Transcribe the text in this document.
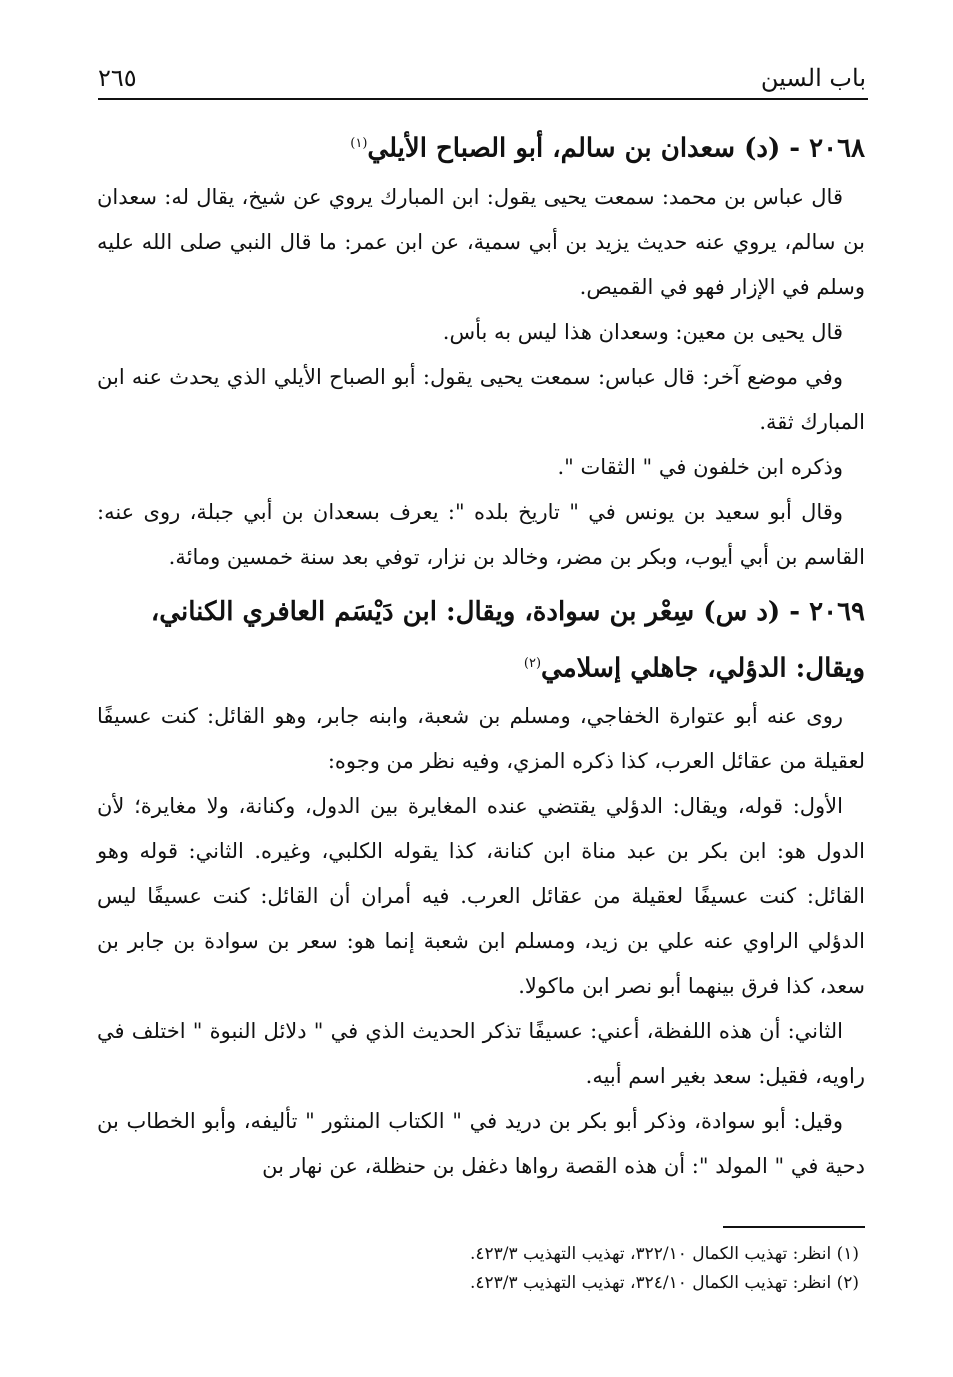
باب السين
٢٦٥
٢٠٦٨ - (د) سعدان بن سالم، أبو الصباح الأيلي$^{(١)}$

قال عباس بن محمد: سمعت يحيى يقول: ابن المبارك يروي عن شيخ، يقال له: سعدان بن سالم، يروي عنه حديث يزيد بن أبي سمية، عن ابن عمر: ما قال النبي صلى الله عليه وسلم في الإزار فهو في القميص.

قال يحيى بن معين: وسعدان هذا ليس به بأس.

وفي موضع آخر: قال عباس: سمعت يحيى يقول: أبو الصباح الأيلي الذي يحدث عنه ابن المبارك ثقة.

وذكره ابن خلفون في " الثقات ".

وقال أبو سعيد بن يونس في " تاريخ بلده ": يعرف بسعدان بن أبي جبلة، روى عنه: القاسم بن أبي أيوب، وبكر بن مضر، وخالد بن نزار، توفي بعد سنة خمسين ومائة.

٢٠٦٩ - (د س) سِعْر بن سوادة، ويقال: ابن دَيْسَم العافري الكناني، ويقال: الدؤلي، جاهلي إسلامي$^{(٢)}$

روى عنه أبو عتوارة الخفاجي، ومسلم بن شعبة، وابنه جابر، وهو القائل: كنت عسيفًا لعقيلة من عقائل العرب، كذا ذكره المزي، وفيه نظر من وجوه:

الأول: قوله، ويقال: الدؤلي يقتضي عنده المغايرة بين الدول، وكنانة، ولا مغايرة؛ لأن الدول هو: ابن بكر بن عبد مناة ابن كنانة، كذا يقوله الكلبي، وغيره. الثاني: قوله وهو القائل: كنت عسيفًا لعقيلة من عقائل العرب. فيه أمران أن القائل: كنت عسيفًا ليس الدؤلي الراوي عنه علي بن زيد، ومسلم ابن شعبة إنما هو: سعر بن سوادة بن جابر بن سعد، كذا فرق بينهما أبو نصر ابن ماكولا.

الثاني: أن هذه اللفظة، أعني: عسيفًا تذكر الحديث الذي في " دلائل النبوة " اختلف في راويه، فقيل: سعد بغير اسم أبيه.

وقيل: أبو سوادة، وذكر أبو بكر بن دريد في " الكتاب المنثور " تأليفه، وأبو الخطاب بن دحية في " المولد ": أن هذه القصة رواها دغفل بن حنظلة، عن نهار بن

(١) انظر: تهذيب الكمال ٣٢٢/١٠، تهذيب التهذيب ٤٢٣/٣.

(٢) انظر: تهذيب الكمال ٣٢٤/١٠، تهذيب التهذيب ٤٢٣/٣.
